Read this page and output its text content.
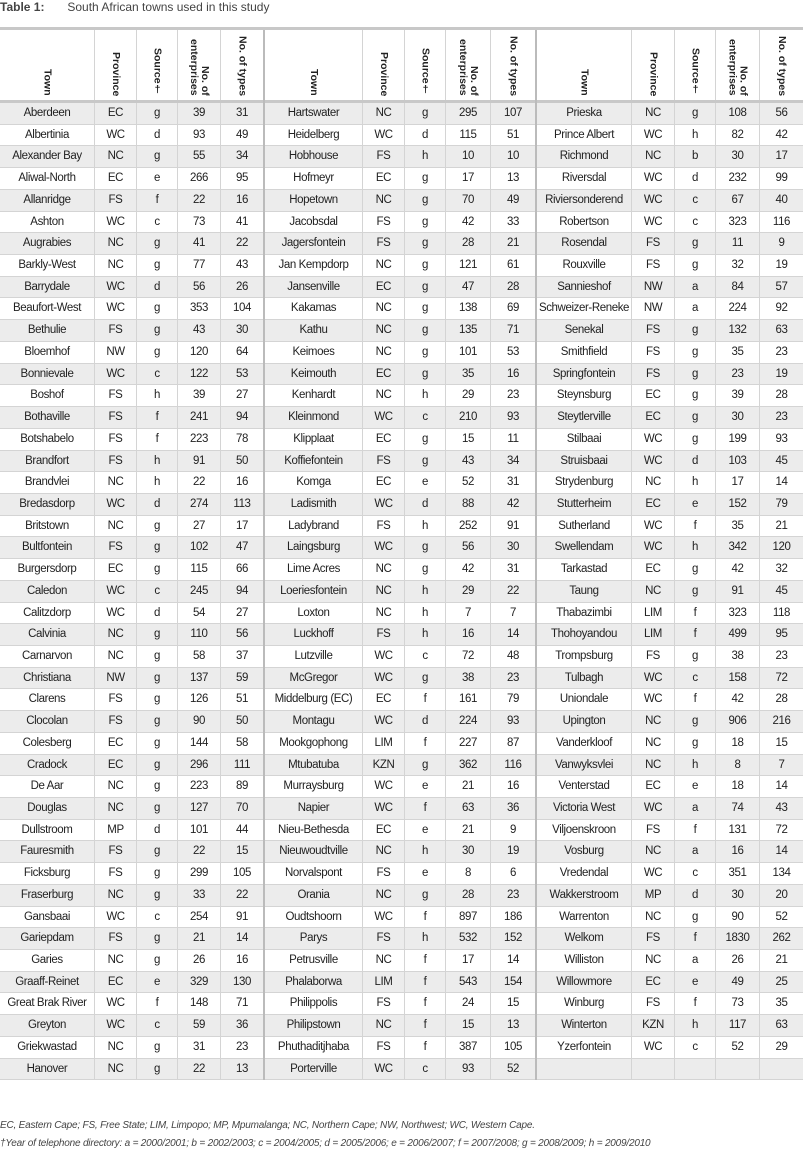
Table 1: South African towns used in this study
Town	Province	Source†	No. of enterprises	No. of types
Aberdeen	EC	g	39	31
Albertinia	WC	d	93	49
Alexander Bay	NC	g	55	34
Aliwal-North	EC	e	266	95
Allanridge	FS	f	22	16
Ashton	WC	c	73	41
Augrabies	NC	g	41	22
Barkly-West	NC	g	77	43
Barrydale	WC	d	56	26
Beaufort-West	WC	g	353	104
Bethulie	FS	g	43	30
Bloemhof	NW	g	120	64
Bonnievale	WC	c	122	53
Boshof	FS	h	39	27
Bothaville	FS	f	241	94
Botshabelo	FS	f	223	78
Brandfort	FS	h	91	50
Brandvlei	NC	h	22	16
Bredasdorp	WC	d	274	113
Britstown	NC	g	27	17
Bultfontein	FS	g	102	47
Burgersdorp	EC	g	115	66
Caledon	WC	c	245	94
Calitzdorp	WC	d	54	27
Calvinia	NC	g	110	56
Carnarvon	NC	g	58	37
Christiana	NW	g	137	59
Clarens	FS	g	126	51
Clocolan	FS	g	90	50
Colesberg	EC	g	144	58
Cradock	EC	g	296	111
De Aar	NC	g	223	89
Douglas	NC	g	127	70
Dullstroom	MP	d	101	44
Fauresmith	FS	g	22	15
Ficksburg	FS	g	299	105
Fraserburg	NC	g	33	22
Gansbaai	WC	c	254	91
Gariepdam	FS	g	21	14
Garies	NC	g	26	16
Graaff-Reinet	EC	e	329	130
Great Brak River	WC	f	148	71
Greyton	WC	c	59	36
Griekwastad	NC	g	31	23
Hanover	NC	g	22	13
Town	Province	Source†	No. of enterprises	No. of types
Hartswater	NC	g	295	107
Heidelberg	WC	d	115	51
Hobhouse	FS	h	10	10
Hofmeyr	EC	g	17	13
Hopetown	NC	g	70	49
Jacobsdal	FS	g	42	33
Jagersfontein	FS	g	28	21
Jan Kempdorp	NC	g	121	61
Jansenville	EC	g	47	28
Kakamas	NC	g	138	69
Kathu	NC	g	135	71
Keimoes	NC	g	101	53
Keimouth	EC	g	35	16
Kenhardt	NC	h	29	23
Kleinmond	WC	c	210	93
Klipplaat	EC	g	15	11
Koffiefontein	FS	g	43	34
Komga	EC	e	52	31
Ladismith	WC	d	88	42
Ladybrand	FS	h	252	91
Laingsburg	WC	g	56	30
Lime Acres	NC	g	42	31
Loeriesfontein	NC	h	29	22
Loxton	NC	h	7	7
Luckhoff	FS	h	16	14
Lutzville	WC	c	72	48
McGregor	WC	g	38	23
Middelburg (EC)	EC	f	161	79
Montagu	WC	d	224	93
Mookgophong	LIM	f	227	87
Mtubatuba	KZN	g	362	116
Murraysburg	WC	e	21	16
Napier	WC	f	63	36
Nieu-Bethesda	EC	e	21	9
Nieuwoudtville	NC	h	30	19
Norvalspont	FS	e	8	6
Orania	NC	g	28	23
Oudtshoorn	WC	f	897	186
Parys	FS	h	532	152
Petrusville	NC	f	17	14
Phalaborwa	LIM	f	543	154
Philippolis	FS	f	24	15
Philipstown	NC	f	15	13
Phuthaditjhaba	FS	f	387	105
Porterville	WC	c	93	52
Town	Province	Source†	No. of enterprises	No. of types
Prieska	NC	g	108	56
Prince Albert	WC	h	82	42
Richmond	NC	b	30	17
Riversdal	WC	d	232	99
Riviersonderend	WC	c	67	40
Robertson	WC	c	323	116
Rosendal	FS	g	11	9
Rouxville	FS	g	32	19
Sannieshof	NW	a	84	57
Schweizer-Reneke	NW	a	224	92
Senekal	FS	g	132	63
Smithfield	FS	g	35	23
Springfontein	FS	g	23	19
Steynsburg	EC	g	39	28
Steytlerville	EC	g	30	23
Stilbaai	WC	g	199	93
Struisbaai	WC	d	103	45
Strydenburg	NC	h	17	14
Stutterheim	EC	e	152	79
Sutherland	WC	f	35	21
Swellendam	WC	h	342	120
Tarkastad	EC	g	42	32
Taung	NC	g	91	45
Thabazimbi	LIM	f	323	118
Thohoyandou	LIM	f	499	95
Trompsburg	FS	g	38	23
Tulbagh	WC	c	158	72
Uniondale	WC	f	42	28
Upington	NC	g	906	216
Vanderkloof	NC	g	18	15
Vanwyksvlei	NC	h	8	7
Venterstad	EC	e	18	14
Victoria West	WC	a	74	43
Viljoenskroon	FS	f	131	72
Vosburg	NC	a	16	14
Vredendal	WC	c	351	134
Wakkerstroom	MP	d	30	20
Warrenton	NC	g	90	52
Welkom	FS	f	1830	262
Williston	NC	a	26	21
Willowmore	EC	e	49	25
Winburg	FS	f	73	35
Winterton	KZN	h	117	63
Yzerfontein	WC	c	52	29
EC, Eastern Cape; FS, Free State; LIM, Limpopo; MP, Mpumalanga; NC, Northern Cape; NW, Northwest; WC, Western Cape.
†Year of telephone directory: a = 2000/2001; b = 2002/2003; c = 2004/2005; d = 2005/2006; e = 2006/2007; f = 2007/2008; g = 2008/2009; h = 2009/2010
